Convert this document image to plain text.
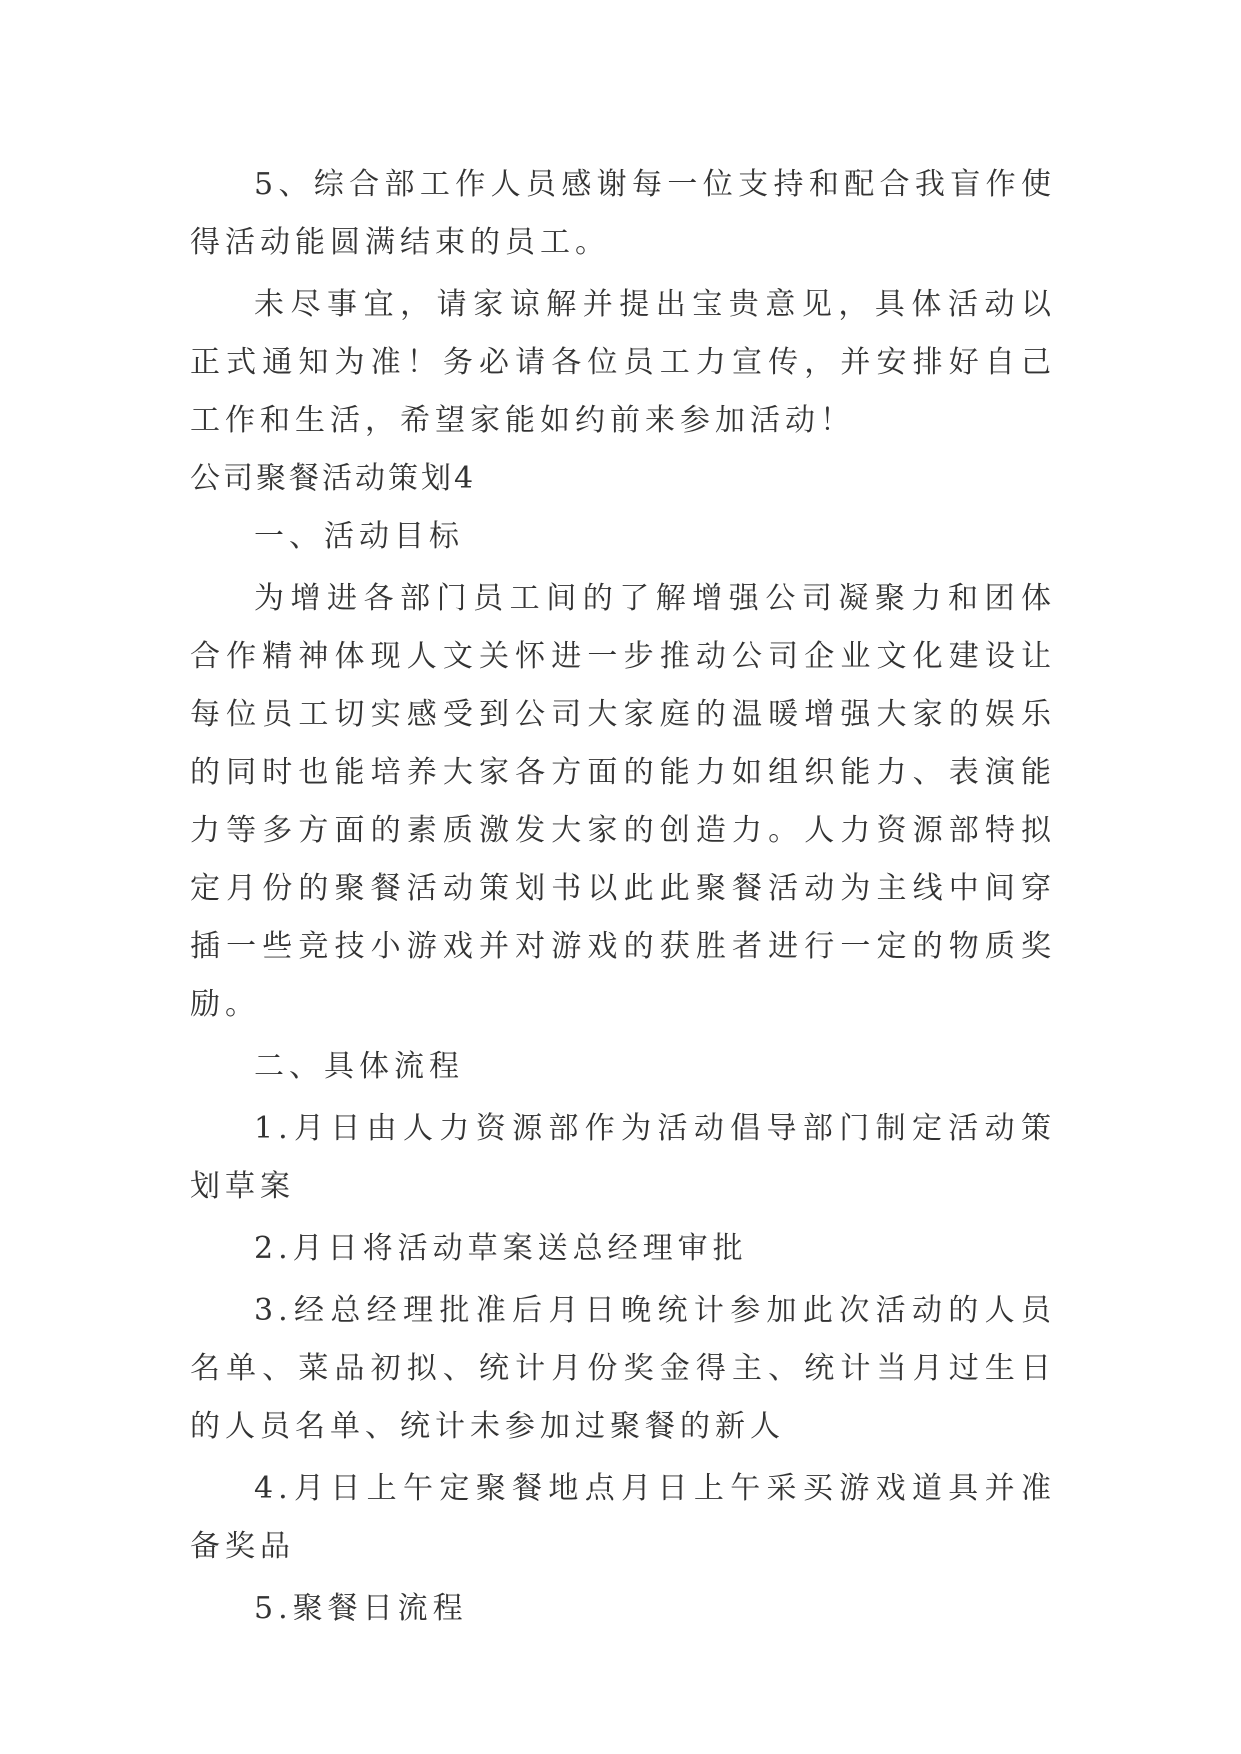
5、综合部工作人员感谢每一位支持和配合我盲作使得活动能圆满结束的员工。

未尽事宜，请家谅解并提出宝贵意见，具体活动以正式通知为准！务必请各位员工力宣传，并安排好自己工作和生活，希望家能如约前来参加活动！

公司聚餐活动策划4

一、活动目标

为增进各部门员工间的了解增强公司凝聚力和团体合作精神体现人文关怀进一步推动公司企业文化建设让每位员工切实感受到公司大家庭的温暖增强大家的娱乐的同时也能培养大家各方面的能力如组织能力、表演能力等多方面的素质激发大家的创造力。人力资源部特拟定月份的聚餐活动策划书以此此聚餐活动为主线中间穿插一些竞技小游戏并对游戏的获胜者进行一定的物质奖励。

二、具体流程

1.月日由人力资源部作为活动倡导部门制定活动策划草案

2.月日将活动草案送总经理审批

3.经总经理批准后月日晚统计参加此次活动的人员名单、菜品初拟、统计月份奖金得主、统计当月过生日的人员名单、统计未参加过聚餐的新人

4.月日上午定聚餐地点月日上午采买游戏道具并准备奖品

5.聚餐日流程
